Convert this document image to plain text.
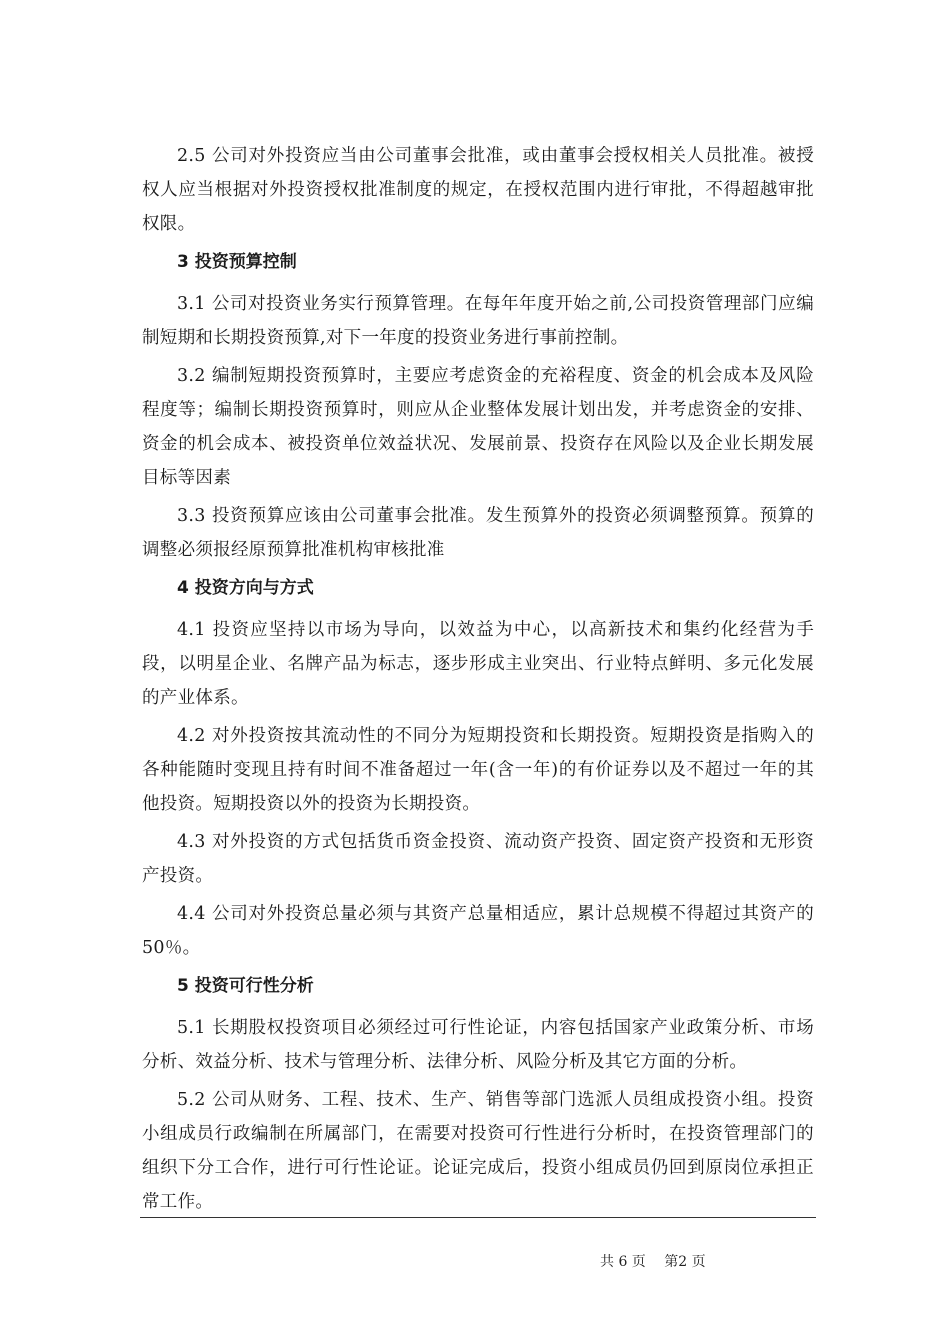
2.5 公司对外投资应当由公司董事会批准，或由董事会授权相关人员批准。被授权人应当根据对外投资授权批准制度的规定，在授权范围内进行审批，不得超越审批权限。

3 投资预算控制

3.1 公司对投资业务实行预算管理。在每年年度开始之前,公司投资管理部门应编制短期和长期投资预算,对下一年度的投资业务进行事前控制。

3.2 编制短期投资预算时，主要应考虑资金的充裕程度、资金的机会成本及风险程度等；编制长期投资预算时，则应从企业整体发展计划出发，并考虑资金的安排、资金的机会成本、被投资单位效益状况、发展前景、投资存在风险以及企业长期发展目标等因素

3.3 投资预算应该由公司董事会批准。发生预算外的投资必须调整预算。预算的调整必须报经原预算批准机构审核批准

4 投资方向与方式

4.1 投资应坚持以市场为导向，以效益为中心，以高新技术和集约化经营为手段，以明星企业、名牌产品为标志，逐步形成主业突出、行业特点鲜明、多元化发展的产业体系。

4.2 对外投资按其流动性的不同分为短期投资和长期投资。短期投资是指购入的各种能随时变现且持有时间不准备超过一年(含一年)的有价证券以及不超过一年的其他投资。短期投资以外的投资为长期投资。

4.3 对外投资的方式包括货币资金投资、流动资产投资、固定资产投资和无形资产投资。

4.4 公司对外投资总量必须与其资产总量相适应，累计总规模不得超过其资产的 50％。

5 投资可行性分析

5.1 长期股权投资项目必须经过可行性论证，内容包括国家产业政策分析、市场分析、效益分析、技术与管理分析、法律分析、风险分析及其它方面的分析。

5.2 公司从财务、工程、技术、生产、销售等部门选派人员组成投资小组。投资小组成员行政编制在所属部门，在需要对投资可行性进行分析时，在投资管理部门的组织下分工合作，进行可行性论证。论证完成后，投资小组成员仍回到原岗位承担正常工作。

共 6 页 第2 页
